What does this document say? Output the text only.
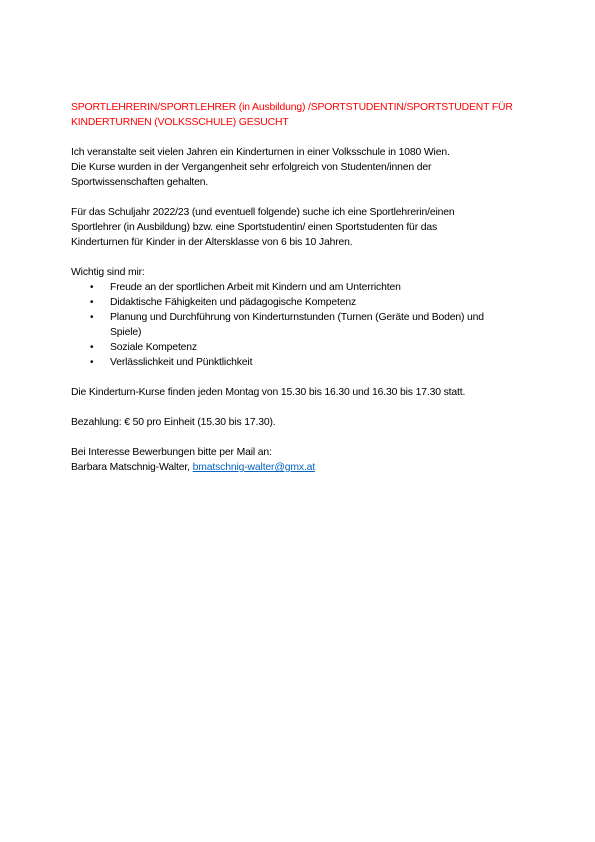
SPORTLEHRERIN/SPORTLEHRER (in Ausbildung) /SPORTSTUDENTIN/SPORTSTUDENT FÜR
KINDERTURNEN (VOLKSSCHULE) GESUCHT
Ich veranstalte seit vielen Jahren ein Kinderturnen in einer Volksschule in 1080 Wien.
Die Kurse wurden in der Vergangenheit sehr erfolgreich von Studenten/innen der
Sportwissenschaften gehalten.
Für das Schuljahr 2022/23 (und eventuell folgende) suche ich eine Sportlehrerin/einen
Sportlehrer (in Ausbildung) bzw. eine Sportstudentin/ einen Sportstudenten für das
Kinderturnen für Kinder in der Altersklasse von 6 bis 10 Jahren.
Wichtig sind mir:
• Freude an der sportlichen Arbeit mit Kindern und am Unterrichten
• Didaktische Fähigkeiten und pädagogische Kompetenz
• Planung und Durchführung von Kinderturnstunden (Turnen (Geräte und Boden) und
Spiele)
• Soziale Kompetenz
• Verlässlichkeit und Pünktlichkeit
Die Kinderturn-Kurse finden jeden Montag von 15.30 bis 16.30 und 16.30 bis 17.30 statt.
Bezahlung: € 50 pro Einheit (15.30 bis 17.30).
Bei Interesse Bewerbungen bitte per Mail an:
Barbara Matschnig-Walter, bmatschnig-walter@gmx.at
